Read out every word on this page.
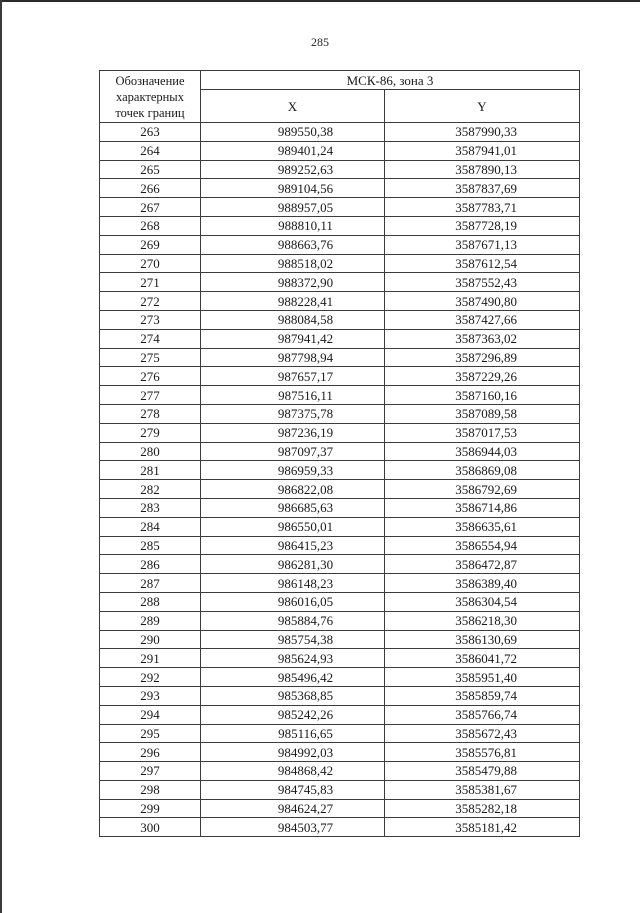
285
Обозначение характерных точек границ	МСК-86, зона 3	
	X	Y
263	989550,38	3587990,33
264	989401,24	3587941,01
265	989252,63	3587890,13
266	989104,56	3587837,69
267	988957,05	3587783,71
268	988810,11	3587728,19
269	988663,76	3587671,13
270	988518,02	3587612,54
271	988372,90	3587552,43
272	988228,41	3587490,80
273	988084,58	3587427,66
274	987941,42	3587363,02
275	987798,94	3587296,89
276	987657,17	3587229,26
277	987516,11	3587160,16
278	987375,78	3587089,58
279	987236,19	3587017,53
280	987097,37	3586944,03
281	986959,33	3586869,08
282	986822,08	3586792,69
283	986685,63	3586714,86
284	986550,01	3586635,61
285	986415,23	3586554,94
286	986281,30	3586472,87
287	986148,23	3586389,40
288	986016,05	3586304,54
289	985884,76	3586218,30
290	985754,38	3586130,69
291	985624,93	3586041,72
292	985496,42	3585951,40
293	985368,85	3585859,74
294	985242,26	3585766,74
295	985116,65	3585672,43
296	984992,03	3585576,81
297	984868,42	3585479,88
298	984745,83	3585381,67
299	984624,27	3585282,18
300	984503,77	3585181,42
